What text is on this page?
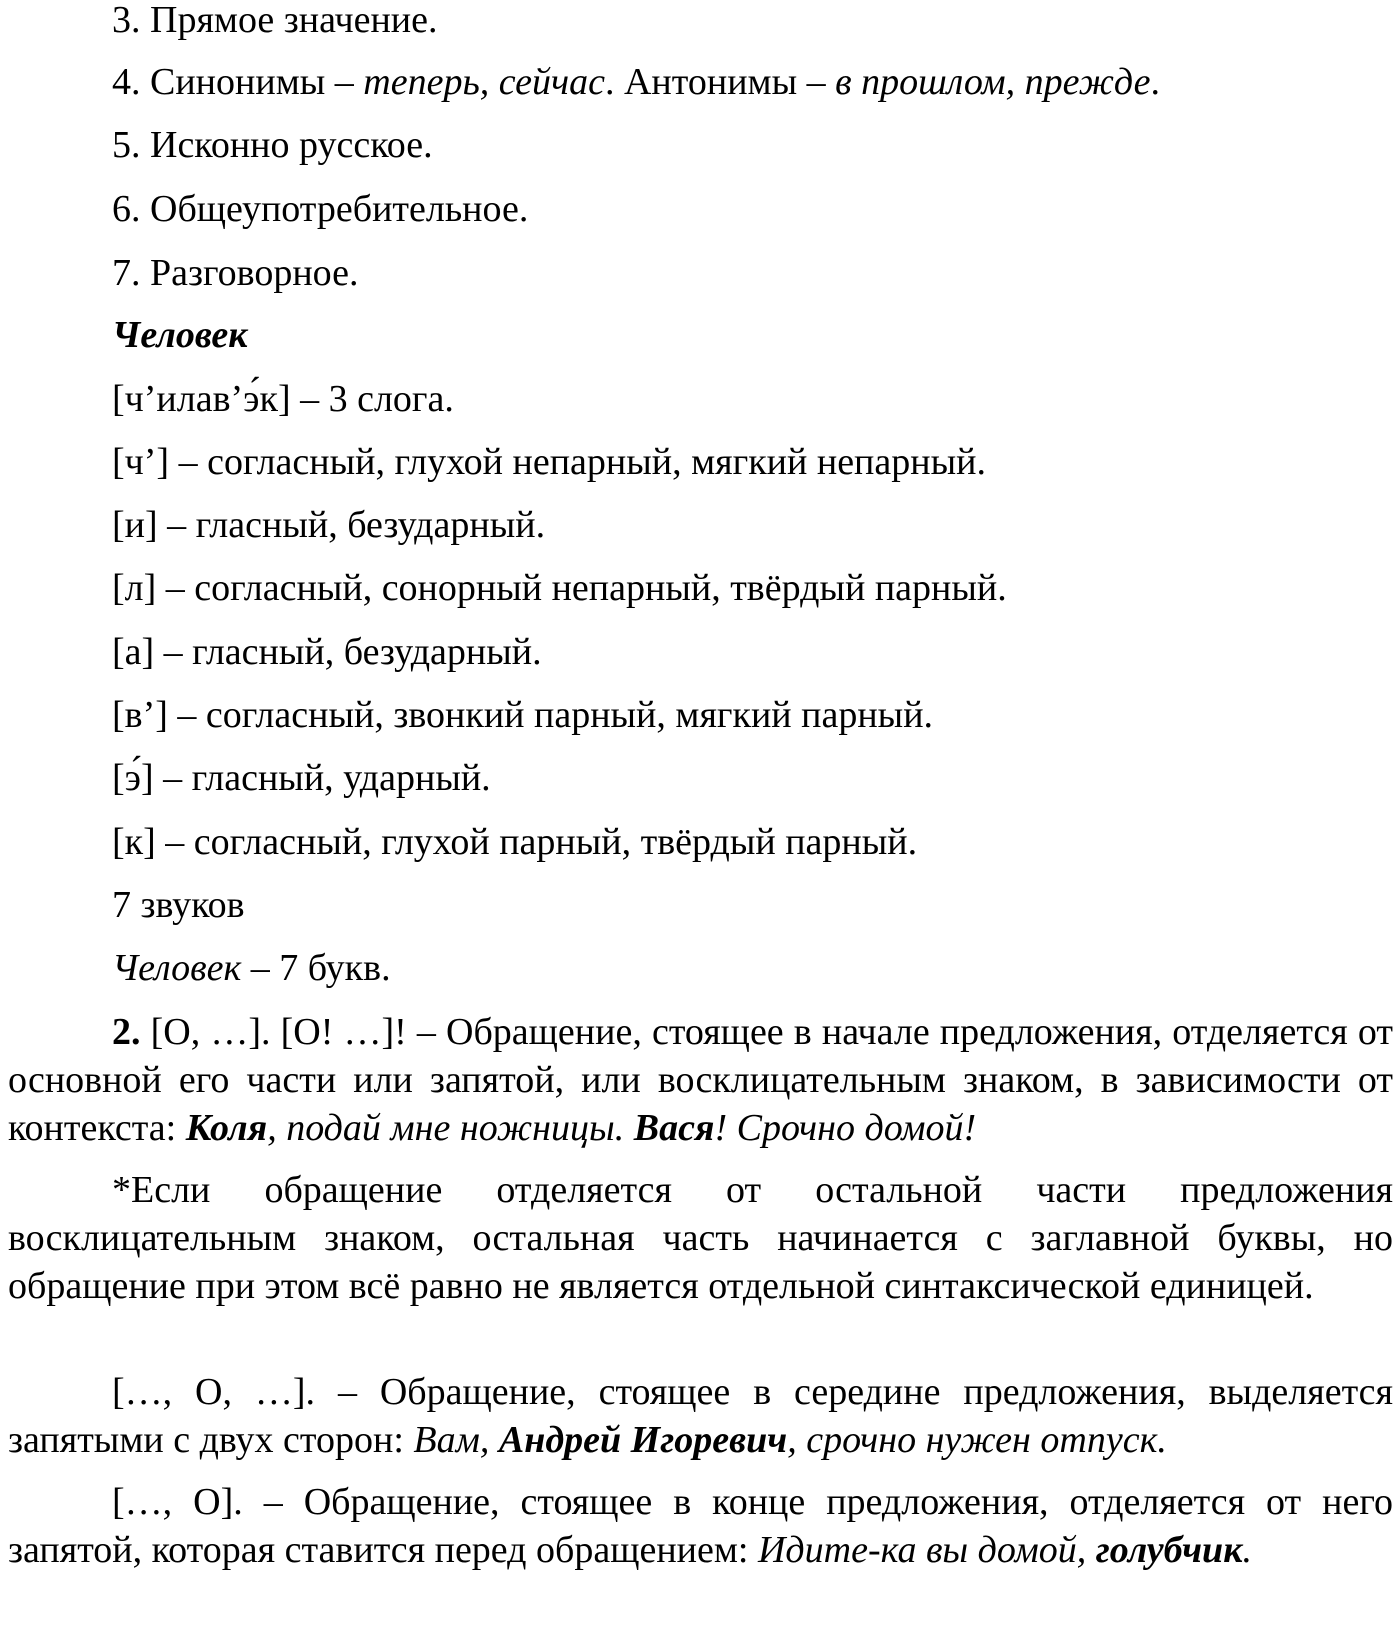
3. Прямое значение.
4. Синонимы – теперь, сейчас. Антонимы – в прошлом, прежде.
5. Исконно русское.
6. Общеупотребительное.
7. Разговорное.
Человек
[ч’илав’э́к] – 3 слога.
[ч’] – согласный, глухой непарный, мягкий непарный.
[и] – гласный, безударный.
[л] – согласный, сонорный непарный, твёрдый парный.
[а] – гласный, безударный.
[в’] – согласный, звонкий парный, мягкий парный.
[э́] – гласный, ударный.
[к] – согласный, глухой парный, твёрдый парный.
7 звуков
Человек – 7 букв.
2. [О, …]. [О! …]! – Обращение, стоящее в начале предложения, отделяется от основной его части или запятой, или восклицательным знаком, в зависимости от контекста: Коля, подай мне ножницы. Вася! Срочно домой!
*Если обращение отделяется от остальной части предложения восклицательным знаком, остальная часть начинается с заглавной буквы, но обращение при этом всё равно не является отдельной синтаксической единицей.
[…, О, …]. – Обращение, стоящее в середине предложения, выделяется запятыми с двух сторон: Вам, Андрей Игоревич, срочно нужен отпуск.
[…, О]. – Обращение, стоящее в конце предложения, отделяется от него запятой, которая ставится перед обращением: Идите-ка вы домой, голубчик.
